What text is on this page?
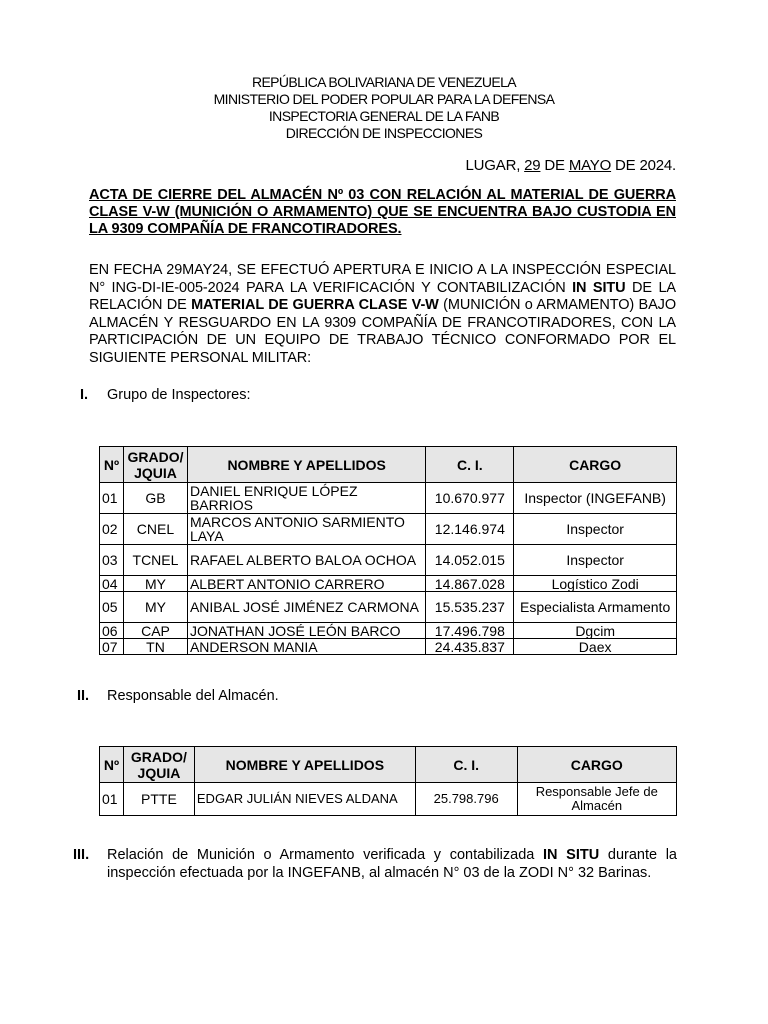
REPÚBLICA BOLIVARIANA DE VENEZUELA
MINISTERIO DEL PODER POPULAR PARA LA DEFENSA
INSPECTORIA GENERAL DE LA FANB
DIRECCIÓN DE INSPECCIONES
LUGAR, 29 DE MAYO DE 2024.
ACTA DE CIERRE DEL ALMACÉN Nº 03 CON RELACIÓN AL MATERIAL DE GUERRA CLASE V-W (MUNICIÓN O ARMAMENTO) QUE SE ENCUENTRA BAJO CUSTODIA EN LA 9309 COMPAÑÍA DE FRANCOTIRADORES.
EN FECHA 29MAY24, SE EFECTUÓ APERTURA E INICIO A LA INSPECCIÓN ESPECIAL N° ING-DI-IE-005-2024 PARA LA VERIFICACIÓN Y CONTABILIZACIÓN IN SITU DE LA RELACIÓN DE MATERIAL DE GUERRA CLASE V-W (MUNICIÓN o ARMAMENTO) BAJO ALMACÉN Y RESGUARDO EN LA 9309 COMPAÑÍA DE FRANCOTIRADORES, CON LA PARTICIPACIÓN DE UN EQUIPO DE TRABAJO TÉCNICO CONFORMADO POR EL SIGUIENTE PERSONAL MILITAR:
I. Grupo de Inspectores:
Nº	GRADO/ JQUIA	NOMBRE Y APELLIDOS	C. I.	CARGO
01	GB	DANIEL ENRIQUE LÓPEZ BARRIOS	10.670.977	Inspector (INGEFANB)
02	CNEL	MARCOS ANTONIO SARMIENTO LAYA	12.146.974	Inspector
03	TCNEL	RAFAEL ALBERTO BALOA OCHOA	14.052.015	Inspector
04	MY	ALBERT ANTONIO CARRERO	14.867.028	Logístico Zodi
05	MY	ANIBAL JOSÉ JIMÉNEZ CARMONA	15.535.237	Especialista Armamento
06	CAP	JONATHAN JOSÉ LEÓN BARCO	17.496.798	Dgcim
07	TN	ANDERSON MANIA	24.435.837	Daex
II. Responsable del Almacén.
Nº	GRADO/ JQUIA	NOMBRE Y APELLIDOS	C. I.	CARGO
01	PTTE	EDGAR JULIÁN NIEVES ALDANA	25.798.796	Responsable Jefe de Almacén
III. Relación de Munición o Armamento verificada y contabilizada IN SITU durante la inspección efectuada por la INGEFANB, al almacén N° 03 de la ZODI N° 32 Barinas.
